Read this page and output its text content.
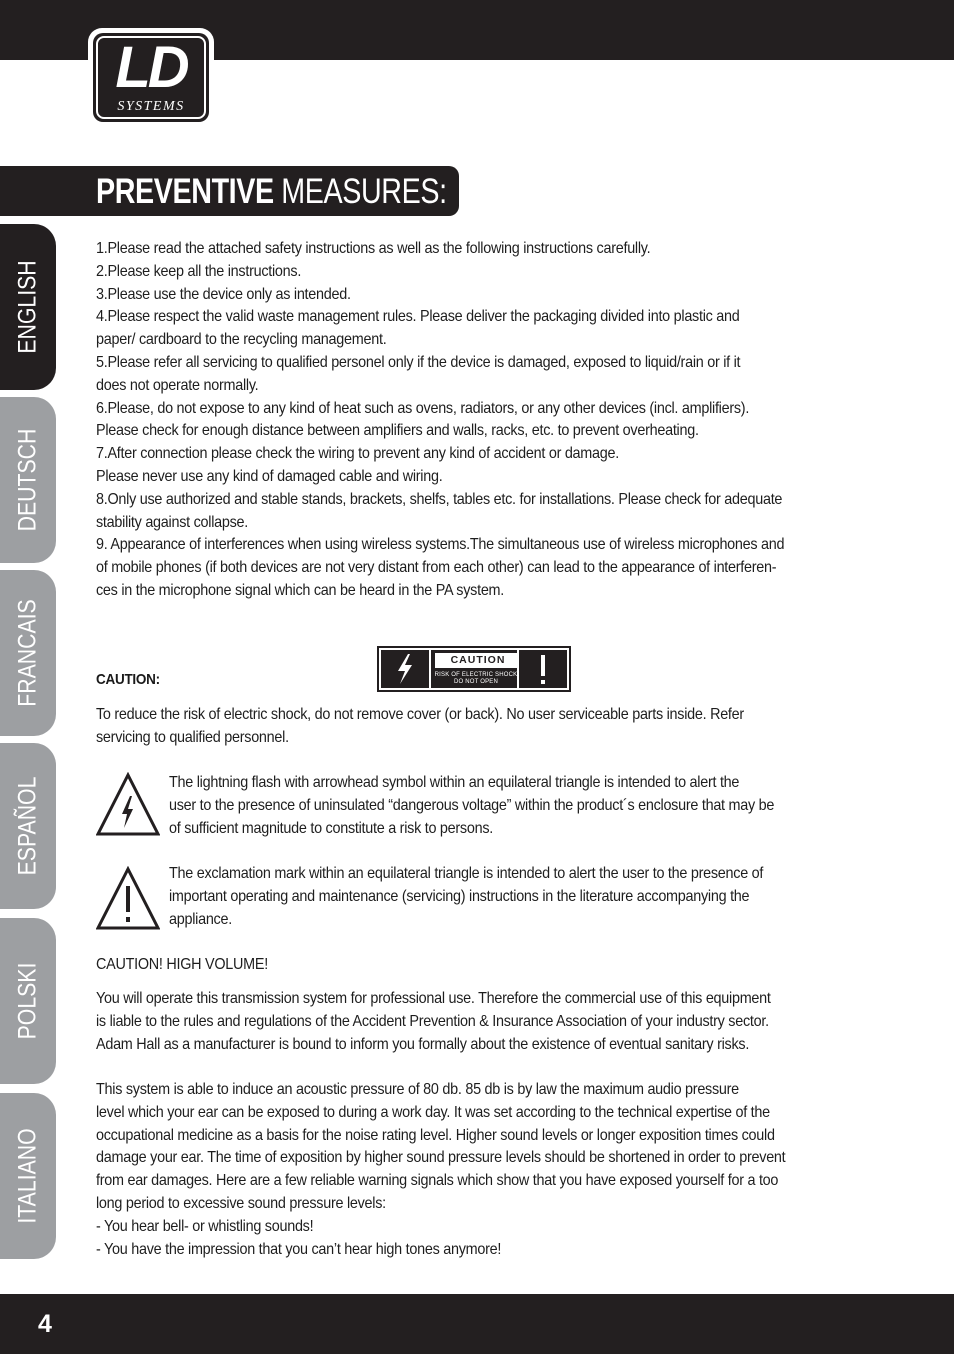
LD
SYSTEMS
PREVENTIVE MEASURES:
ENGLISH
DEUTSCH
FRANCAIS
ESPAÑOL
POLSKI
ITALIANO
1.Please read the attached safety instructions as well as the following instructions carefully.
2.Please keep all the instructions.
3.Please use the device only as intended.
4.Please respect the valid waste management rules. Please deliver the packaging divided into plastic and
paper/ cardboard to the recycling management.
5.Please refer all servicing to qualified personel only if the device is damaged, exposed to liquid/rain or if it
does not operate normally.
6.Please, do not expose to any kind of heat such as ovens, radiators, or any other devices (incl. amplifiers).
Please check for enough distance between amplifiers and walls, racks, etc. to prevent overheating.
7.After connection please check the wiring to prevent any kind of accident or damage.
Please never use any kind of damaged cable and wiring.
8.Only use authorized and stable stands, brackets, shelfs, tables etc. for installations. Please check for adequate
stability against collapse.
9. Appearance of interferences when using wireless systems.The simultaneous use of wireless microphones and
of mobile phones (if both devices are not very distant from each other) can lead to the appearance of interferen-
ces in the microphone signal which can be heard in the PA system.
CAUTION:
CAUTION
RISK OF ELECTRIC SHOCK
DO NOT OPEN
To reduce the risk of electric shock, do not remove cover (or back). No user serviceable parts inside. Refer
servicing to qualified personnel.
The lightning flash with arrowhead symbol within an equilateral triangle is intended to alert the
user to the presence of uninsulated “dangerous voltage” within the product´s enclosure that may be
of sufficient magnitude to constitute a risk to persons.
The exclamation mark within an equilateral triangle is intended to alert the user to the presence of
important operating and maintenance (servicing) instructions in the literature accompanying the
appliance.
CAUTION! HIGH VOLUME!
You will operate this transmission system for professional use. Therefore the commercial use of this equipment
is liable to the rules and regulations of the Accident Prevention & Insurance Association of your industry sector.
Adam Hall as a manufacturer is bound to inform you formally about the existence of eventual sanitary risks.
This system is able to induce an acoustic pressure of 80 db. 85 db is by law the maximum audio pressure
level which your ear can be exposed to during a work day. It was set according to the technical expertise of the
occupational medicine as a basis for the noise rating level. Higher sound levels or longer exposition times could
damage your ear. The time of exposition by higher sound pressure levels should be shortened in order to prevent
from ear damages. Here are a few reliable warning signals which show that you have exposed yourself for a too
long period to excessive sound pressure levels:
- You hear bell- or whistling sounds!
- You have the impression that you can’t hear high tones anymore!
4
